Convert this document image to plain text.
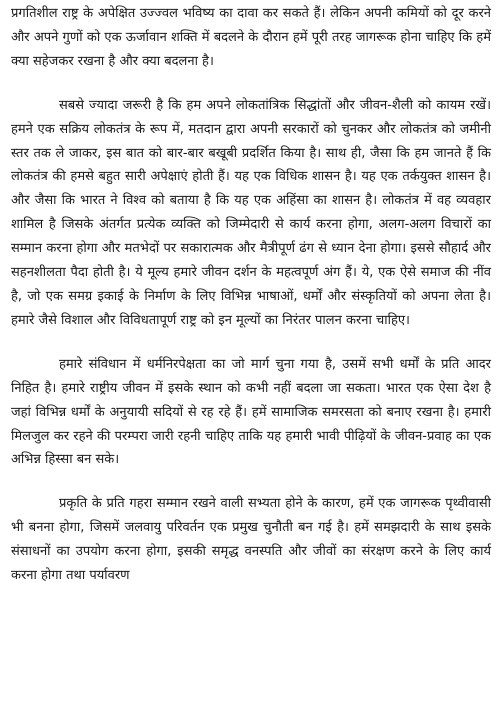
प्रगतिशील राष्ट्र के अपेक्षित उज्ज्वल भविष्य का दावा कर सकते हैं। लेकिन अपनी कमियों को दूर करने और अपने गुणों को एक ऊर्जावान शक्ति में बदलने के दौरान हमें पूरी तरह जागरूक होना चाहिए कि हमें क्या सहेजकर रखना है और क्या बदलना है।

सबसे ज्यादा जरूरी है कि हम अपने लोकतांत्रिक सिद्धांतों और जीवन-शैली को कायम रखें। हमने एक सक्रिय लोकतंत्र के रूप में, मतदान द्वारा अपनी सरकारों को चुनकर और लोकतंत्र को जमीनी स्तर तक ले जाकर, इस बात को बार-बार बखूबी प्रदर्शित किया है। साथ ही, जैसा कि हम जानते हैं कि लोकतंत्र की हमसे बहुत सारी अपेक्षाएं होती हैं। यह एक विधिक शासन है। यह एक तर्कयुक्त शासन है। और जैसा कि भारत ने विश्व को बताया है कि यह एक अहिंसा का शासन है। लोकतंत्र में वह व्यवहार शामिल है जिसके अंतर्गत प्रत्येक व्यक्ति को जिम्मेदारी से कार्य करना होगा, अलग-अलग विचारों का सम्मान करना होगा और मतभेदों पर सकारात्मक और मैत्रीपूर्ण ढंग से ध्यान देना होगा। इससे सौहार्द और सहनशीलता पैदा होती है। ये मूल्य हमारे जीवन दर्शन के महत्वपूर्ण अंग हैं। ये, एक ऐसे समाज की नींव है, जो एक समग्र इकाई के निर्माण के लिए विभिन्न भाषाओं, धर्मों और संस्कृतियों को अपना लेता है। हमारे जैसे विशाल और विविधतापूर्ण राष्ट्र को इन मूल्यों का निरंतर पालन करना चाहिए।

हमारे संविधान में धर्मनिरपेक्षता का जो मार्ग चुना गया है, उसमें सभी धर्मों के प्रति आदर निहित है। हमारे राष्ट्रीय जीवन में इसके स्थान को कभी नहीं बदला जा सकता। भारत एक ऐसा देश है जहां विभिन्न धर्मों के अनुयायी सदियों से रह रहे हैं। हमें सामाजिक समरसता को बनाए रखना है। हमारी मिलजुल कर रहने की परम्परा जारी रहनी चाहिए ताकि यह हमारी भावी पीढ़ियों के जीवन-प्रवाह का एक अभिन्न हिस्सा बन सके।

प्रकृति के प्रति गहरा सम्मान रखने वाली सभ्यता होने के कारण, हमें एक जागरूक पृथ्वीवासी भी बनना होगा, जिसमें जलवायु परिवर्तन एक प्रमुख चुनौती बन गई है। हमें समझदारी के साथ इसके संसाधनों का उपयोग करना होगा, इसकी समृद्ध वनस्पति और जीवों का संरक्षण करने के लिए कार्य करना होगा तथा पर्यावरण
